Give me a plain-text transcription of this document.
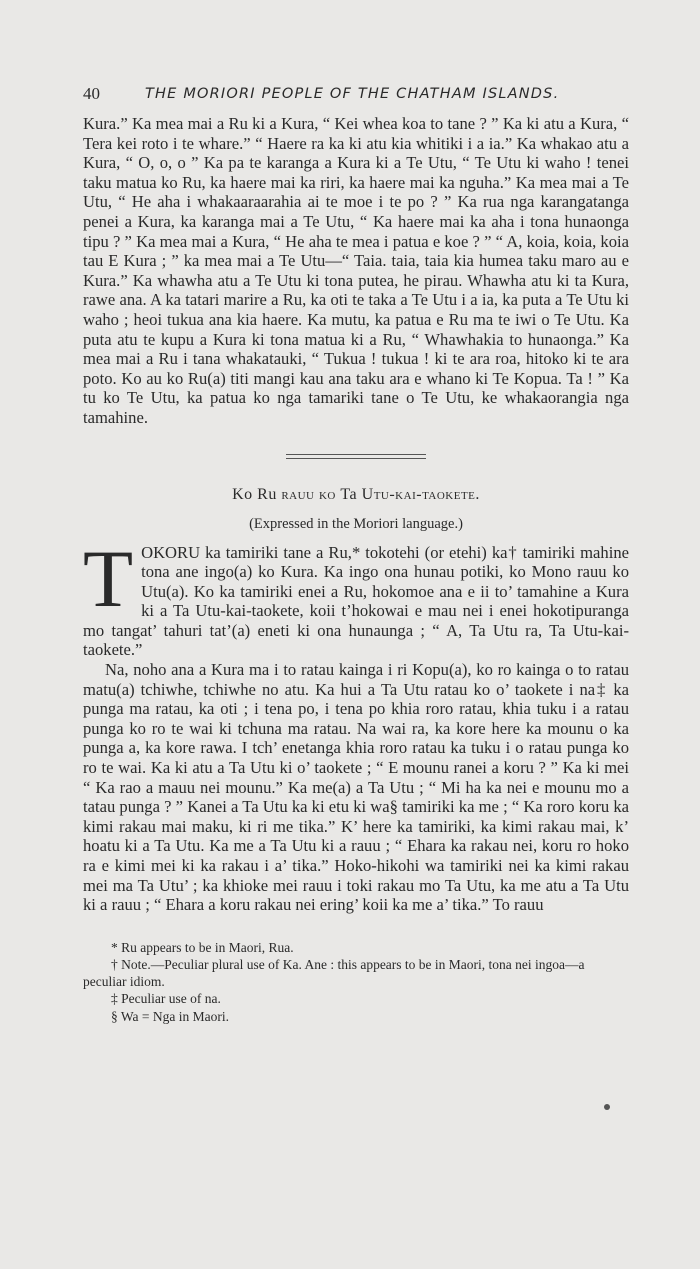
40	THE MORIORI PEOPLE OF THE CHATHAM ISLANDS.

Kura.” Ka mea mai a Ru ki a Kura, “ Kei whea koa to tane ? ” Ka ki atu a Kura, “ Tera kei roto i te whare.” “ Haere ra ka ki atu kia whitiki i a ia.” Ka whakao atu a Kura, “ O, o, o ” Ka pa te karanga a Kura ki a Te Utu, “ Te Utu ki waho ! tenei taku matua ko Ru, ka haere mai ka riri, ka haere mai ka nguha.” Ka mea mai a Te Utu, “ He aha i whakaaraarahia ai te moe i te po ? ” Ka rua nga karangatanga penei a Kura, ka karanga mai a Te Utu, “ Ka haere mai ka aha i tona hunaonga tipu ? ” Ka mea mai a Kura, “ He aha te mea i patua e koe ? ” “ A, koia, koia, koia tau E Kura ; ” ka mea mai a Te Utu—“ Taia. taia, taia kia humea taku maro au e Kura.” Ka whawha atu a Te Utu ki tona putea, he pirau. Whawha atu ki ta Kura, rawe ana. A ka tatari marire a Ru, ka oti te taka a Te Utu i a ia, ka puta a Te Utu ki waho ; heoi tukua ana kia haere. Ka mutu, ka patua e Ru ma te iwi o Te Utu. Ka puta atu te kupu a Kura ki tona matua ki a Ru, “ Whawhakia to hunaonga.” Ka mea mai a Ru i tana whakatauki, “ Tukua ! tukua ! ki te ara roa, hitoko ki te ara poto. Ko au ko Ru(a) titi mangi kau ana taku ara e whano ki Te Kopua. Ta ! ” Ka tu ko Te Utu, ka patua ko nga tamariki tane o Te Utu, ke whakaorangia nga tamahine.

Ko Ru rauu ko Ta Utu-kai-taokete.
(Expressed in the Moriori language.)

TOKORU ka tamiriki tane a Ru,* tokotehi (or etehi) ka† tamiriki mahine tona ane ingo(a) ko Kura. Ka ingo ona hunau potiki, ko Mono rauu ko Utu(a). Ko ka tamiriki enei a Ru, hokomoe ana e ii to’ tamahine a Kura ki a Ta Utu-kai-taokete, koii t’hokowai e mau nei i enei hokotipuranga mo tangat’ tahuri tat’(a) eneti ki ona hunaunga ; “ A, Ta Utu ra, Ta Utu-kai-taokete.”

Na, noho ana a Kura ma i to ratau kainga i ri Kopu(a), ko ro kainga o to ratau matu(a) tchiwhe, tchiwhe no atu. Ka hui a Ta Utu ratau ko o’ taokete i na‡ ka punga ma ratau, ka oti ; i tena po, i tena po khia roro ratau, khia tuku i a ratau punga ko ro te wai ki tchuna ma ratau. Na wai ra, ka kore here ka mounu o ka punga a, ka kore rawa. I tch’ enetanga khia roro ratau ka tuku i o ratau punga ko ro te wai. Ka ki atu a Ta Utu ki o’ taokete ; “ E mounu ranei a koru ? ” Ka ki mei “ Ka rao a mauu nei mounu.” Ka me(a) a Ta Utu ; “ Mi ha ka nei e mounu mo a tatau punga ? ” Kanei a Ta Utu ka ki etu ki wa§ tamiriki ka me ; “ Ka roro koru ka kimi rakau mai maku, ki ri me tika.” K’ here ka tamiriki, ka kimi rakau mai, k’ hoatu ki a Ta Utu. Ka me a Ta Utu ki a rauu ; “ Ehara ka rakau nei, koru ro hoko ra e kimi mei ki ka rakau i a’ tika.” Hoko-hikohi wa tamiriki nei ka kimi rakau mei ma Ta Utu’ ; ka khioke mei rauu i toki rakau mo Ta Utu, ka me atu a Ta Utu ki a rauu ; “ Ehara a koru rakau nei ering’ koii ka me a’ tika.” To rauu

* Ru appears to be in Maori, Rua.
† Note.—Peculiar plural use of Ka. Ane : this appears to be in Maori, tona nei ingoa—a peculiar idiom.
‡ Peculiar use of na.
§ Wa = Nga in Maori.
